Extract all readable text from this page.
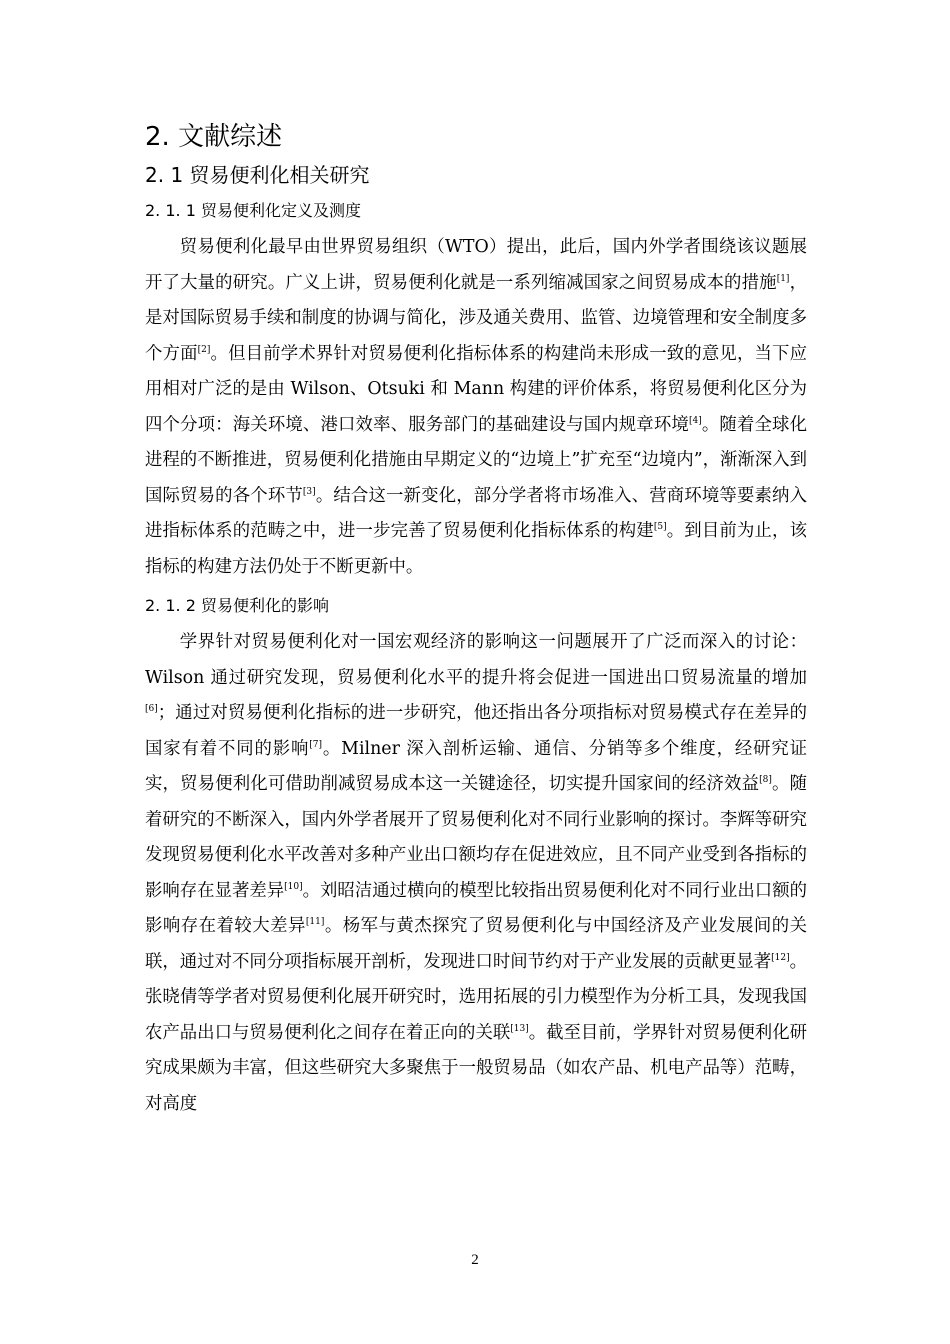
2. 文献综述
2. 1 贸易便利化相关研究
2. 1. 1 贸易便利化定义及测度

贸易便利化最早由世界贸易组织（WTO）提出，此后，国内外学者围绕该议题展开了大量的研究。广义上讲，贸易便利化就是一系列缩减国家之间贸易成本的措施[1]，是对国际贸易手续和制度的协调与简化，涉及通关费用、监管、边境管理和安全制度多个方面[2]。但目前学术界针对贸易便利化指标体系的构建尚未形成一致的意见，当下应用相对广泛的是由 Wilson、Otsuki 和 Mann 构建的评价体系，将贸易便利化区分为四个分项：海关环境、港口效率、服务部门的基础建设与国内规章环境[4]。随着全球化进程的不断推进，贸易便利化措施由早期定义的“边境上”扩充至“边境内”，渐渐深入到国际贸易的各个环节[3]。结合这一新变化，部分学者将市场准入、营商环境等要素纳入进指标体系的范畴之中，进一步完善了贸易便利化指标体系的构建[5]。到目前为止，该指标的构建方法仍处于不断更新中。

2. 1. 2 贸易便利化的影响

学界针对贸易便利化对一国宏观经济的影响这一问题展开了广泛而深入的讨论：Wilson 通过研究发现，贸易便利化水平的提升将会促进一国进出口贸易流量的增加[6]；通过对贸易便利化指标的进一步研究，他还指出各分项指标对贸易模式存在差异的国家有着不同的影响[7]。Milner 深入剖析运输、通信、分销等多个维度，经研究证实，贸易便利化可借助削减贸易成本这一关键途径，切实提升国家间的经济效益[8]。随着研究的不断深入，国内外学者展开了贸易便利化对不同行业影响的探讨。李辉等研究发现贸易便利化水平改善对多种产业出口额均存在促进效应，且不同产业受到各指标的影响存在显著差异[10]。刘昭洁通过横向的模型比较指出贸易便利化对不同行业出口额的影响存在着较大差异[11]。杨军与黄杰探究了贸易便利化与中国经济及产业发展间的关联，通过对不同分项指标展开剖析，发现进口时间节约对于产业发展的贡献更显著[12]。张晓倩等学者对贸易便利化展开研究时，选用拓展的引力模型作为分析工具，发现我国农产品出口与贸易便利化之间存在着正向的关联[13]。截至目前，学界针对贸易便利化研究成果颇为丰富，但这些研究大多聚焦于一般贸易品（如农产品、机电产品等）范畴，对高度

2
